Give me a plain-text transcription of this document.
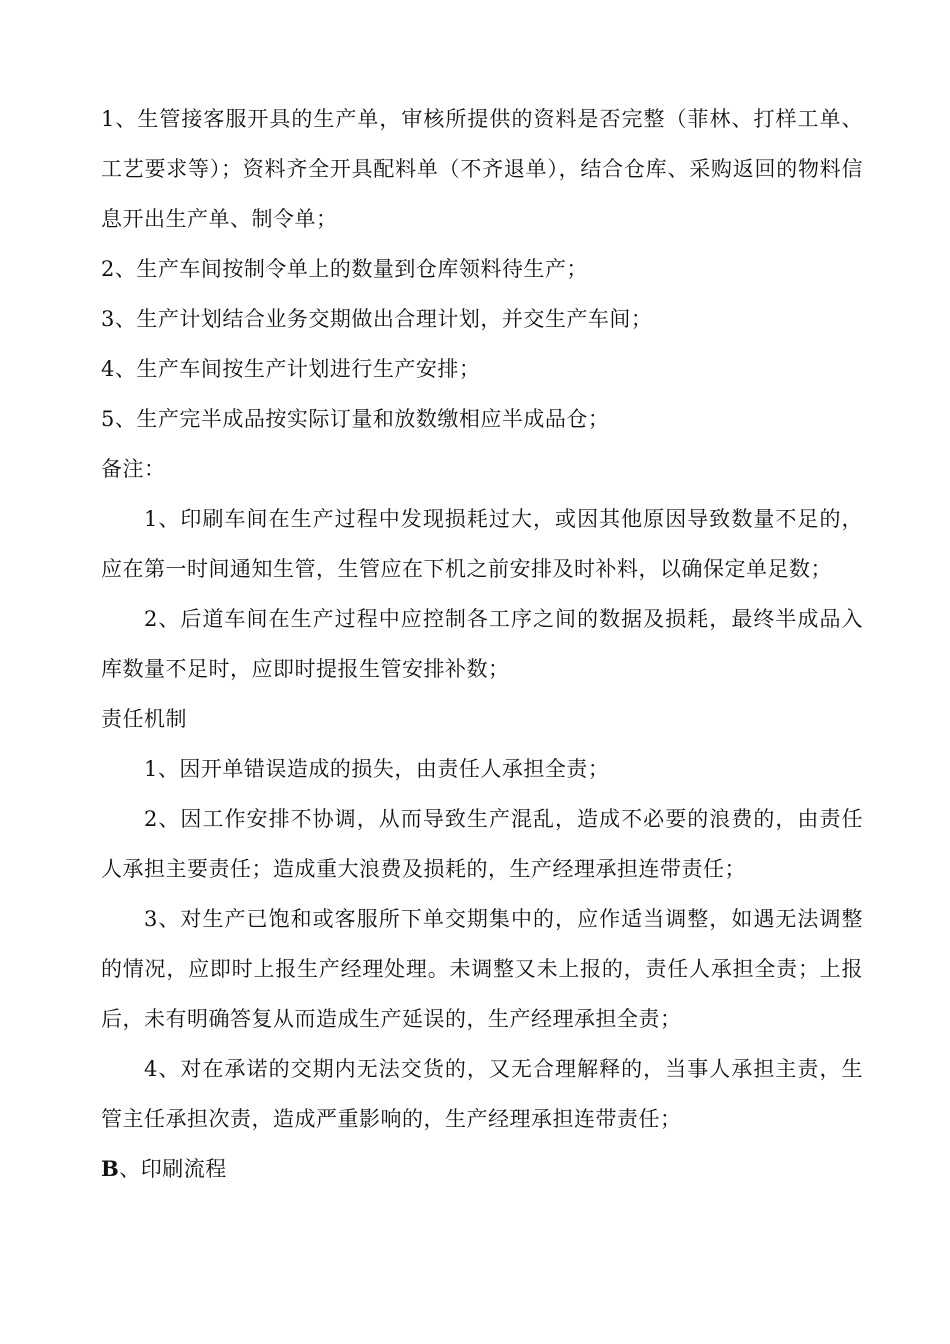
1、生管接客服开具的生产单，审核所提供的资料是否完整（菲林、打样工单、工艺要求等）；资料齐全开具配料单（不齐退单），结合仓库、采购返回的物料信息开出生产单、制令单；

2、生产车间按制令单上的数量到仓库领料待生产；

3、生产计划结合业务交期做出合理计划，并交生产车间；

4、生产车间按生产计划进行生产安排；

5、生产完半成品按实际订量和放数缴相应半成品仓；

备注：

1、印刷车间在生产过程中发现损耗过大，或因其他原因导致数量不足的，应在第一时间通知生管，生管应在下机之前安排及时补料，以确保定单足数；

2、后道车间在生产过程中应控制各工序之间的数据及损耗，最终半成品入库数量不足时，应即时提报生管安排补数；

责任机制

1、因开单错误造成的损失，由责任人承担全责；

2、因工作安排不协调，从而导致生产混乱，造成不必要的浪费的，由责任人承担主要责任；造成重大浪费及损耗的，生产经理承担连带责任；

3、对生产已饱和或客服所下单交期集中的，应作适当调整，如遇无法调整的情况，应即时上报生产经理处理。未调整又未上报的，责任人承担全责；上报后，未有明确答复从而造成生产延误的，生产经理承担全责；

4、对在承诺的交期内无法交货的，又无合理解释的，当事人承担主责，生管主任承担次责，造成严重影响的，生产经理承担连带责任；

B、印刷流程
